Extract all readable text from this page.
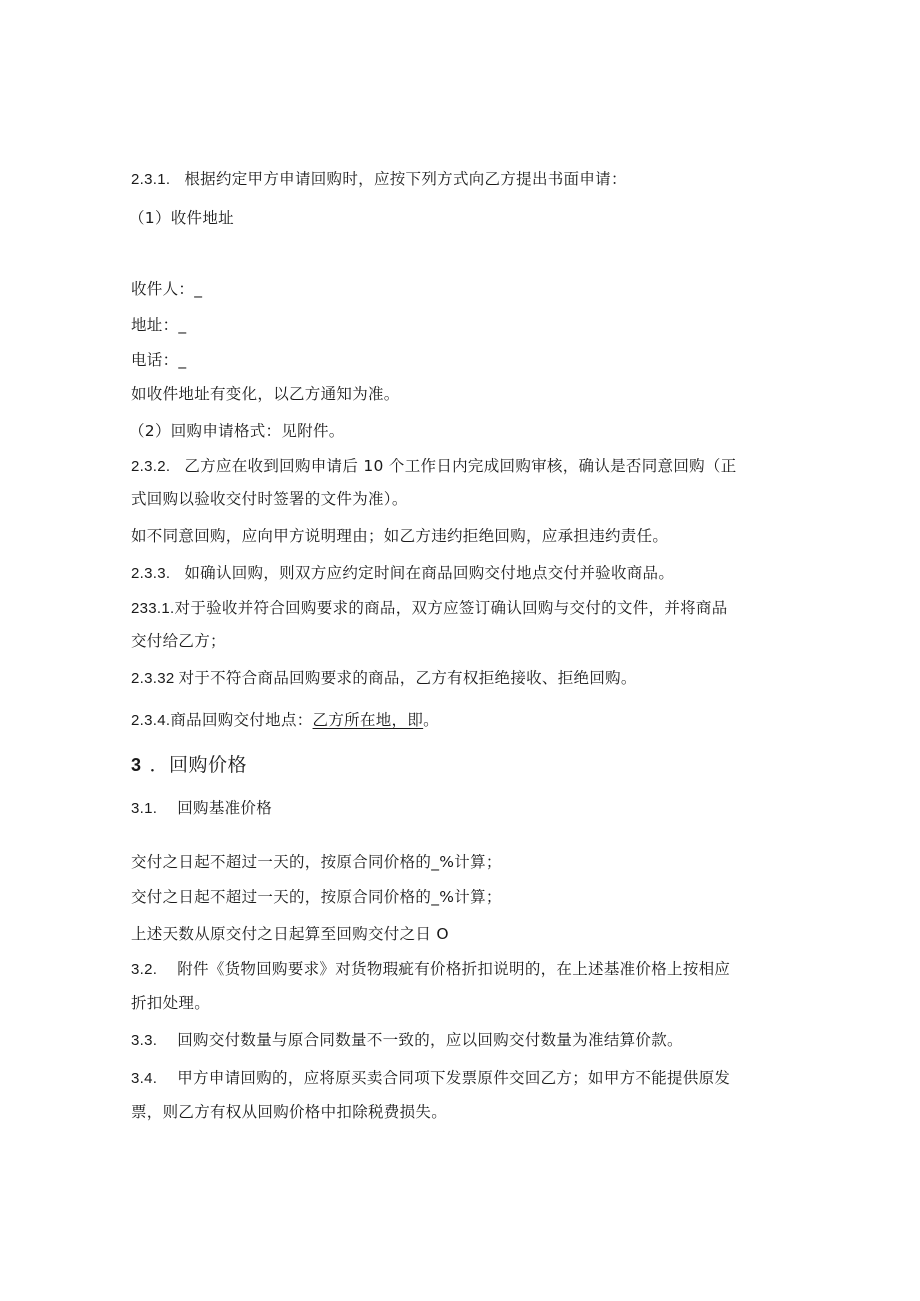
2.3.1. 根据约定甲方申请回购时，应按下列方式向乙方提出书面申请：
（1）收件地址
收件人：_
地址：_
电话：_
如收件地址有变化，以乙方通知为准。
（2）回购申请格式：见附件。
2.3.2. 乙方应在收到回购申请后 10 个工作日内完成回购审核，确认是否同意回购（正
式回购以验收交付时签署的文件为准）。
如不同意回购，应向甲方说明理由；如乙方违约拒绝回购，应承担违约责任。
2.3.3. 如确认回购，则双方应约定时间在商品回购交付地点交付并验收商品。
233.1.对于验收并符合回购要求的商品，双方应签订确认回购与交付的文件，并将商品
交付给乙方；
2.3.32 对于不符合商品回购要求的商品，乙方有权拒绝接收、拒绝回购。
2.3.4.商品回购交付地点：乙方所在地，即。
3 ．回购价格
3.1. 回购基准价格
交付之日起不超过一天的，按原合同价格的_%计算；
交付之日起不超过一天的，按原合同价格的_%计算；
上述天数从原交付之日起算至回购交付之日 O
3.2. 附件《货物回购要求》对货物瑕疵有价格折扣说明的，在上述基准价格上按相应
折扣处理。
3.3. 回购交付数量与原合同数量不一致的，应以回购交付数量为准结算价款。
3.4. 甲方申请回购的，应将原买卖合同项下发票原件交回乙方；如甲方不能提供原发
票，则乙方有权从回购价格中扣除税费损失。
